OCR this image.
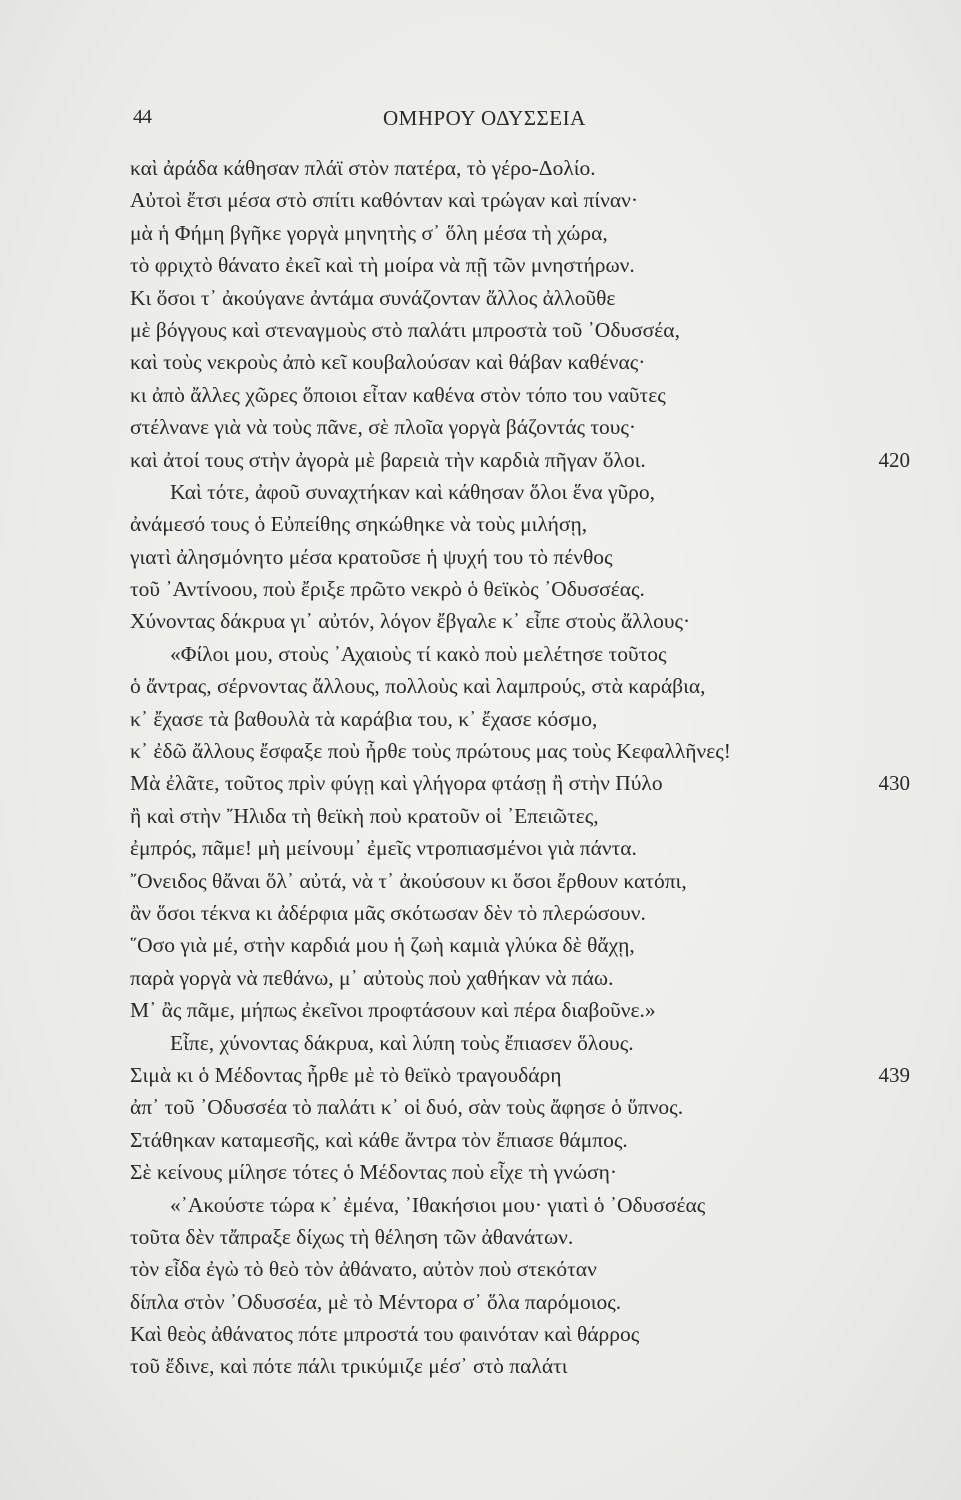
44	ΟΜΗΡΟΥ ΟΔΥΣΣΕΙΑ
καὶ ἀράδα κάθησαν πλάϊ στὸν πατέρα, τὸ γέρο-Δολίο.
Αὐτοὶ ἔτσι μέσα στὸ σπίτι καθόνταν καὶ τρώγαν καὶ πίναν·
μὰ ἡ Φήμη βγῆκε γοργὰ μηνητὴς σ᾽ ὅλη μέσα τὴ χώρα,
τὸ φριχτὸ θάνατο ἐκεῖ καὶ τὴ μοίρα νὰ πῇ τῶν μνηστήρων.
Κι ὅσοι τ᾽ ἀκούγανε ἀντάμα συνάζονταν ἄλλος ἀλλοῦθε
μὲ βόγγους καὶ στεναγμοὺς στὸ παλάτι μπροστὰ τοῦ ᾽Οδυσσέα,
καὶ τοὺς νεκροὺς ἀπὸ κεῖ κουβαλούσαν καὶ θάβαν καθένας·
κι ἀπὸ ἄλλες χῶρες ὅποιοι εἶταν καθένα στὸν τόπο του ναῦτες
στέλνανε γιὰ νὰ τοὺς πᾶνε, σὲ πλοῖα γοργὰ βάζοντάς τους·
καὶ ἀτοί τους στὴν ἀγορὰ μὲ βαρειὰ τὴν καρδιὰ πῆγαν ὅλοι.	420
Καὶ τότε, ἀφοῦ συναχτήκαν καὶ κάθησαν ὅλοι ἕνα γῦρο,
ἀνάμεσό τους ὁ Εὐπείθης σηκώθηκε νὰ τοὺς μιλήσῃ,
γιατὶ ἀλησμόνητο μέσα κρατοῦσε ἡ ψυχή του τὸ πένθος
τοῦ ᾽Αντίνοου, ποὺ ἔριξε πρῶτο νεκρὸ ὁ θεϊκὸς ᾽Οδυσσέας.
Χύνοντας δάκρυα γι᾽ αὐτόν, λόγον ἔβγαλε κ᾽ εἶπε στοὺς ἄλλους·
«Φίλοι μου, στοὺς ᾽Αχαιοὺς τί κακὸ ποὺ μελέτησε τοῦτος
ὁ ἄντρας, σέρνοντας ἄλλους, πολλοὺς καὶ λαμπρούς, στὰ καράβια,
κ᾽ ἔχασε τὰ βαθουλὰ τὰ καράβια του, κ᾽ ἔχασε κόσμο,
κ᾽ ἐδῶ ἄλλους ἔσφαξε ποὺ ἦρθε τοὺς πρώτους μας τοὺς Κεφαλλῆνες!
Μὰ ἐλᾶτε, τοῦτος πρὶν φύγῃ καὶ γλήγορα φτάσῃ ἢ στὴν Πύλο	430
ἢ καὶ στὴν ῎Ηλιδα τὴ θεϊκὴ ποὺ κρατοῦν οἱ ᾽Επειῶτες,
ἐμπρός, πᾶμε! μὴ μείνουμ᾽ ἐμεῖς ντροπιασμένοι γιὰ πάντα.
῎Ονειδος θἄναι ὅλ᾽ αὐτά, νὰ τ᾽ ἀκούσουν κι ὅσοι ἔρθουν κατόπι,
ἂν ὅσοι τέκνα κι ἀδέρφια μᾶς σκότωσαν δὲν τὸ πλερώσουν.
῞Οσο γιὰ μέ, στὴν καρδιά μου ἡ ζωὴ καμιὰ γλύκα δὲ θἄχῃ,
παρὰ γοργὰ νὰ πεθάνω, μ᾽ αὐτοὺς ποὺ χαθήκαν νὰ πάω.
Μ᾽ ἂς πᾶμε, μήπως ἐκεῖνοι προφτάσουν καὶ πέρα διαβοῦνε.»
Εἶπε, χύνοντας δάκρυα, καὶ λύπη τοὺς ἔπιασεν ὅλους.
Σιμὰ κι ὁ Μέδοντας ἦρθε μὲ τὸ θεϊκὸ τραγουδάρη	439
ἀπ᾽ τοῦ ᾽Οδυσσέα τὸ παλάτι κ᾽ οἱ δυό, σὰν τοὺς ἄφησε ὁ ὕπνος.
Στάθηκαν καταμεσῆς, καὶ κάθε ἄντρα τὸν ἔπιασε θάμπος.
Σὲ κείνους μίλησε τότες ὁ Μέδοντας ποὺ εἶχε τὴ γνώση·
«᾽Ακούστε τώρα κ᾽ ἐμένα, ᾽Ιθακήσιοι μου· γιατὶ ὁ ᾽Οδυσσέας
τοῦτα δὲν τἄπραξε δίχως τὴ θέληση τῶν ἀθανάτων.
τὸν εἶδα ἐγὼ τὸ θεὸ τὸν ἀθάνατο, αὐτὸν ποὺ στεκόταν
δίπλα στὸν ᾽Οδυσσέα, μὲ τὸ Μέντορα σ᾽ ὅλα παρόμοιος.
Καὶ θεὸς ἀθάνατος πότε μπροστά του φαινόταν καὶ θάρρος
τοῦ ἔδινε, καὶ πότε πάλι τρικύμιζε μέσ᾽ στὸ παλάτι
